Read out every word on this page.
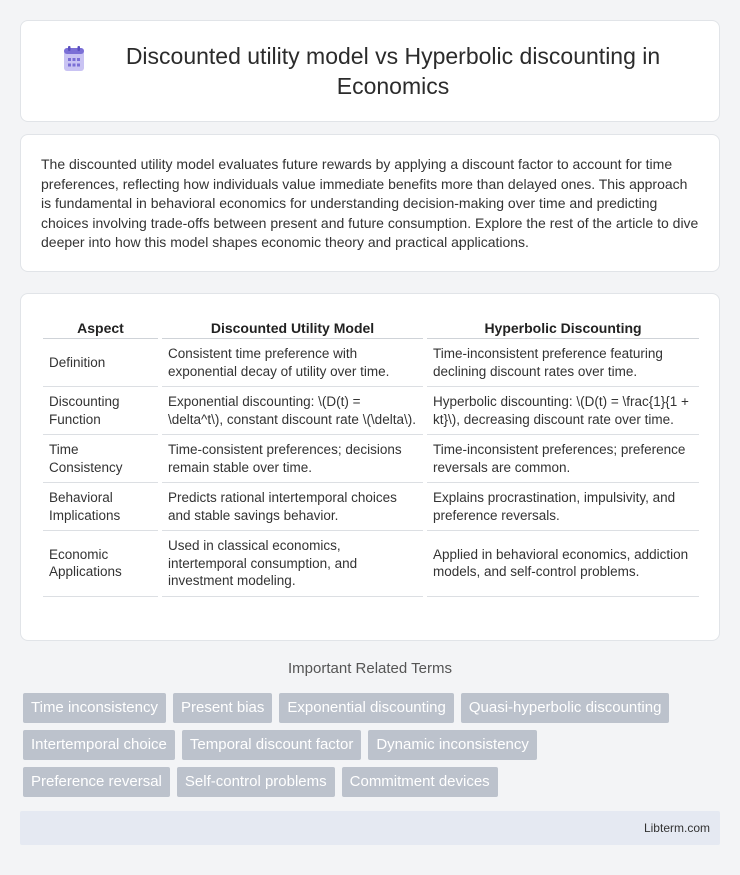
Discounted utility model vs Hyperbolic discounting in Economics

The discounted utility model evaluates future rewards by applying a discount factor to account for time preferences, reflecting how individuals value immediate benefits more than delayed ones. This approach is fundamental in behavioral economics for understanding decision-making over time and predicting choices involving trade-offs between present and future consumption. Explore the rest of the article to dive deeper into how this model shapes economic theory and practical applications.

Aspect	Discounted Utility Model	Hyperbolic Discounting
Definition	Consistent time preference with exponential decay of utility over time.	Time-inconsistent preference featuring declining discount rates over time.
Discounting Function	Exponential discounting: \(D(t) = \delta^t\), constant discount rate \(\delta\).	Hyperbolic discounting: \(D(t) = \frac{1}{1 + kt}\), decreasing discount rate over time.
Time Consistency	Time-consistent preferences; decisions remain stable over time.	Time-inconsistent preferences; preference reversals are common.
Behavioral Implications	Predicts rational intertemporal choices and stable savings behavior.	Explains procrastination, impulsivity, and preference reversals.
Economic Applications	Used in classical economics, intertemporal consumption, and investment modeling.	Applied in behavioral economics, addiction models, and self-control problems.
Important Related Terms
Time inconsistency	Present bias	Exponential discounting	Quasi-hyperbolic discounting
Intertemporal choice	Temporal discount factor	Dynamic inconsistency
Preference reversal	Self-control problems	Commitment devices
Libterm.com
